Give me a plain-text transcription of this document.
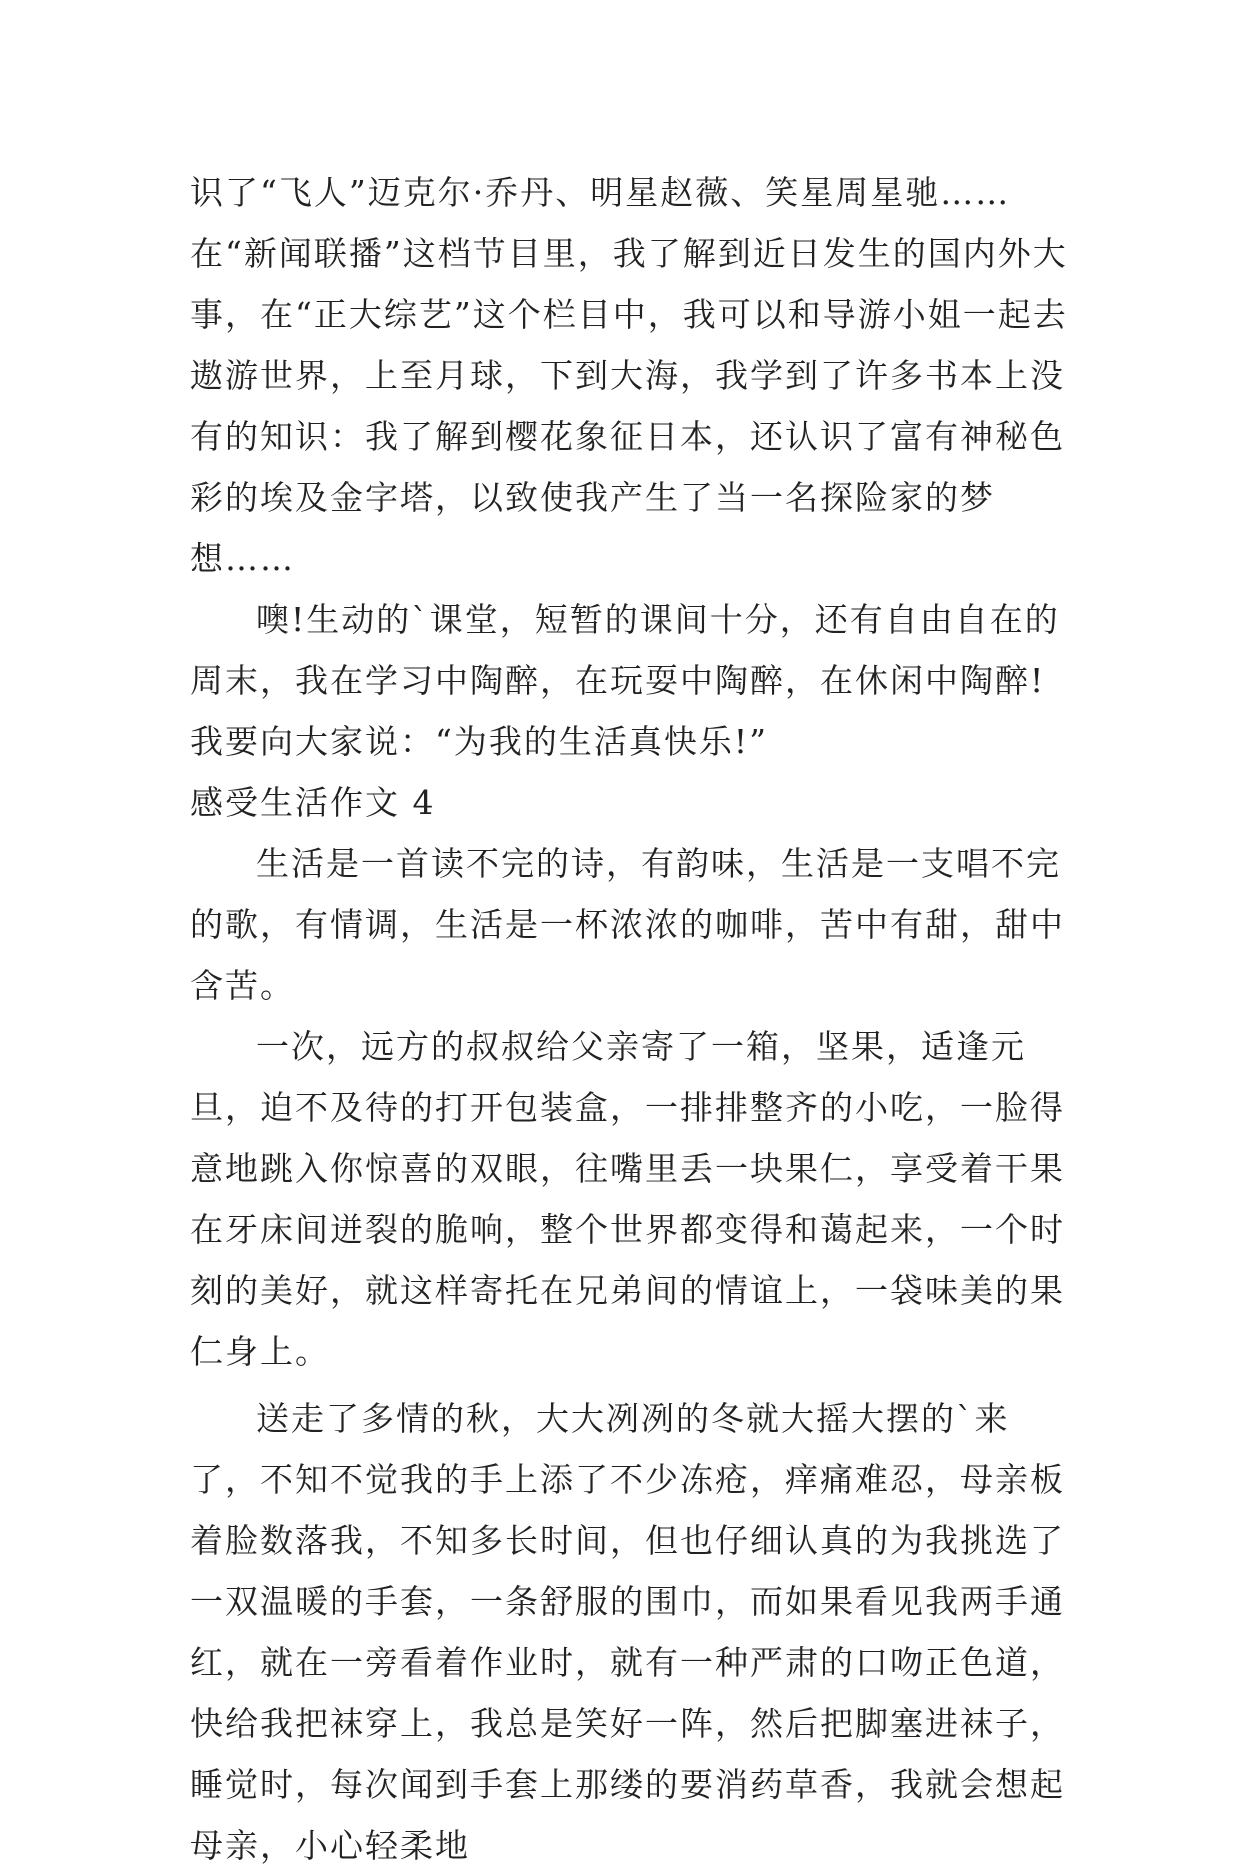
识了“飞人”迈克尔·乔丹、明星赵薇、笑星周星驰……在“新闻联播”这档节目里，我了解到近日发生的国内外大事，在“正大综艺”这个栏目中，我可以和导游小姐一起去遨游世界，上至月球，下到大海，我学到了许多书本上没有的知识：我了解到樱花象征日本，还认识了富有神秘色彩的埃及金字塔，以致使我产生了当一名探险家的梦想……

噢!生动的`课堂，短暂的课间十分，还有自由自在的周末，我在学习中陶醉，在玩耍中陶醉，在休闲中陶醉!我要向大家说：“为我的生活真快乐!”

感受生活作文 4

生活是一首读不完的诗，有韵味，生活是一支唱不完的歌，有情调，生活是一杯浓浓的咖啡，苦中有甜，甜中含苦。

一次，远方的叔叔给父亲寄了一箱，坚果，适逢元旦，迫不及待的打开包装盒，一排排整齐的小吃，一脸得意地跳入你惊喜的双眼，往嘴里丢一块果仁，享受着干果在牙床间迸裂的脆响，整个世界都变得和蔼起来，一个时刻的美好，就这样寄托在兄弟间的情谊上，一袋味美的果仁身上。

送走了多情的秋，大大冽冽的冬就大摇大摆的`来了，不知不觉我的手上添了不少冻疮，痒痛难忍，母亲板着脸数落我，不知多长时间，但也仔细认真的为我挑选了一双温暖的手套，一条舒服的围巾，而如果看见我两手通红，就在一旁看着作业时，就有一种严肃的口吻正色道，快给我把袜穿上，我总是笑好一阵，然后把脚塞进袜子，睡觉时，每次闻到手套上那缕的要消药草香，我就会想起母亲，小心轻柔地
